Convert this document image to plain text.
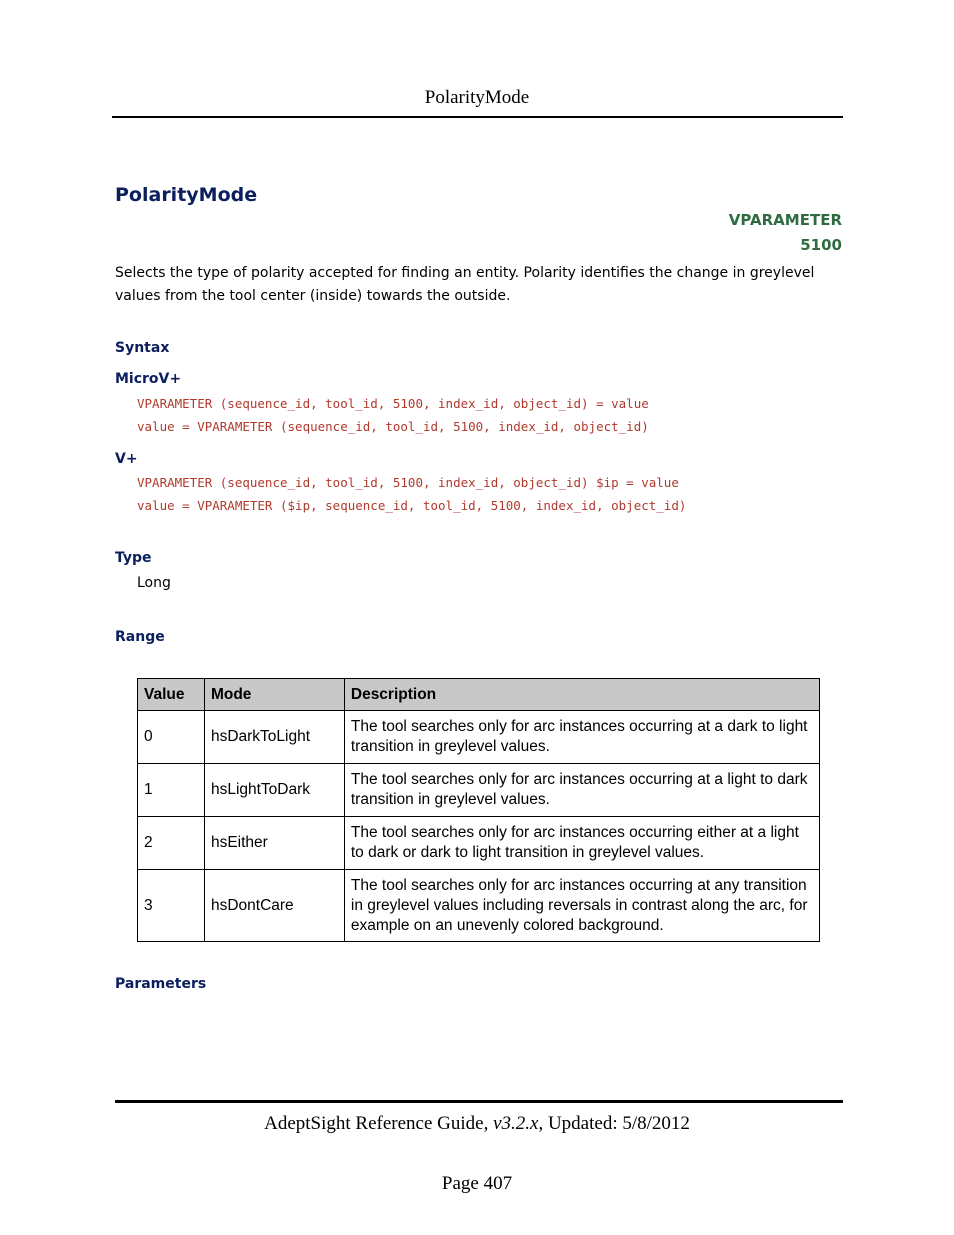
PolarityMode
PolarityMode
VPARAMETER
5100
Selects the type of polarity accepted for finding an entity. Polarity identifies the change in greylevel values from the tool center (inside) towards the outside.
Syntax
MicroV+
VPARAMETER (sequence_id, tool_id, 5100, index_id, object_id) = value
value = VPARAMETER (sequence_id, tool_id, 5100, index_id, object_id)
V+
VPARAMETER (sequence_id, tool_id, 5100, index_id, object_id) $ip = value
value = VPARAMETER ($ip, sequence_id, tool_id, 5100, index_id, object_id)
Type
Long
Range
Value	Mode	Description
0	hsDarkToLight	The tool searches only for arc instances occurring at a dark to light transition in greylevel values.
1	hsLightToDark	The tool searches only for arc instances occurring at a light to dark transition in greylevel values.
2	hsEither	The tool searches only for arc instances occurring either at a light to dark or dark to light transition in greylevel values.
3	hsDontCare	The tool searches only for arc instances occurring at any transition in greylevel values including reversals in contrast along the arc, for example on an unevenly colored background.
Parameters
AdeptSight Reference Guide, v3.2.x, Updated: 5/8/2012
Page 407
